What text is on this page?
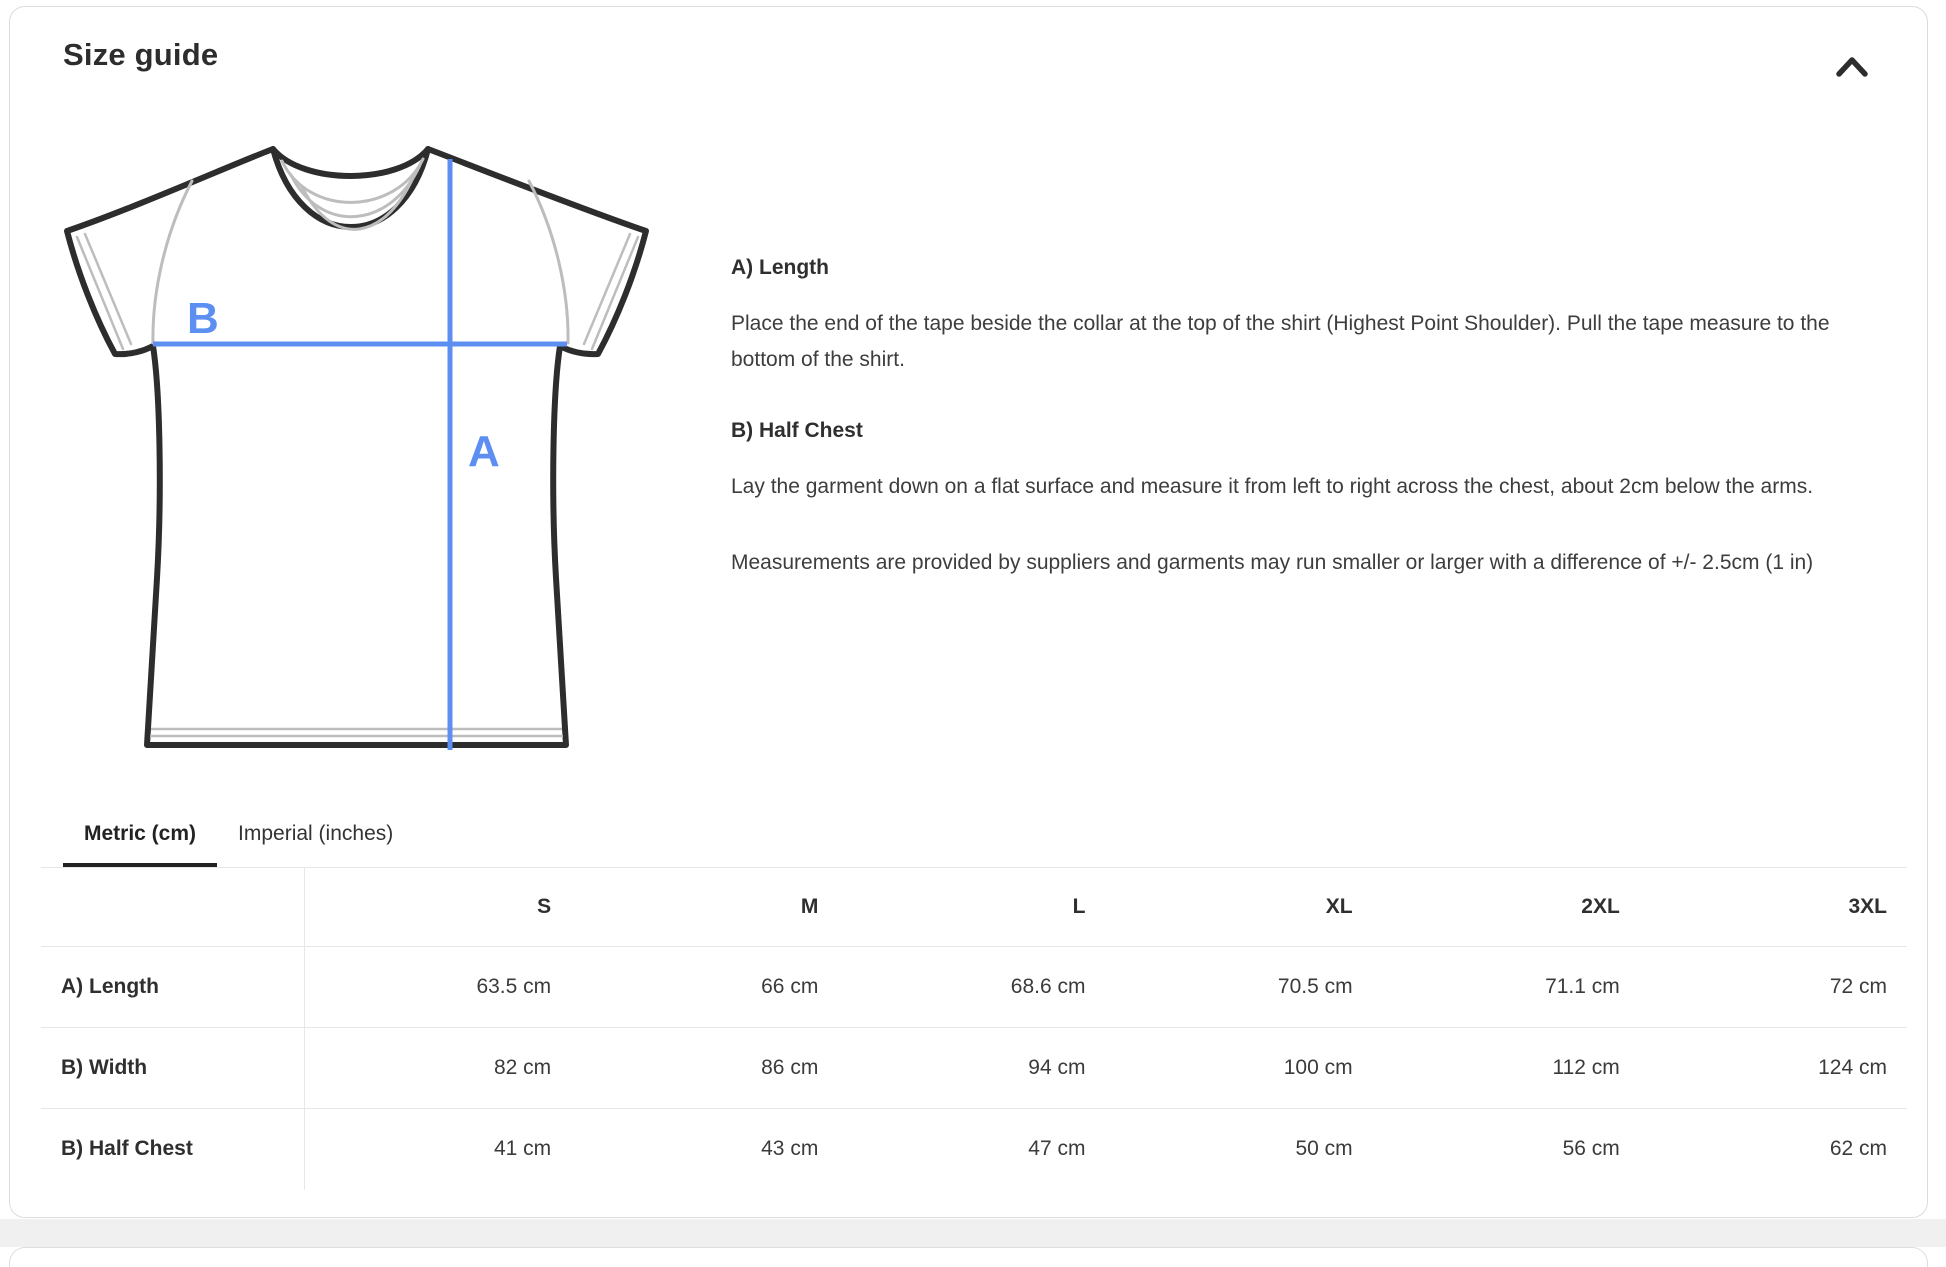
Size guide
B
A
A) Length

Place the end of the tape beside the collar at the top of the shirt (Highest Point Shoulder). Pull the tape measure to the bottom of the shirt.

B) Half Chest

Lay the garment down on a flat surface and measure it from left to right across the chest, about 2cm below the arms.

Measurements are provided by suppliers and garments may run smaller or larger with a difference of +/- 2.5cm (1 in)

Metric (cm)	Imperial (inches)
	S	M	L	XL	2XL	3XL
A) Length	63.5 cm	66 cm	68.6 cm	70.5 cm	71.1 cm	72 cm
B) Width	82 cm	86 cm	94 cm	100 cm	112 cm	124 cm
B) Half Chest	41 cm	43 cm	47 cm	50 cm	56 cm	62 cm
